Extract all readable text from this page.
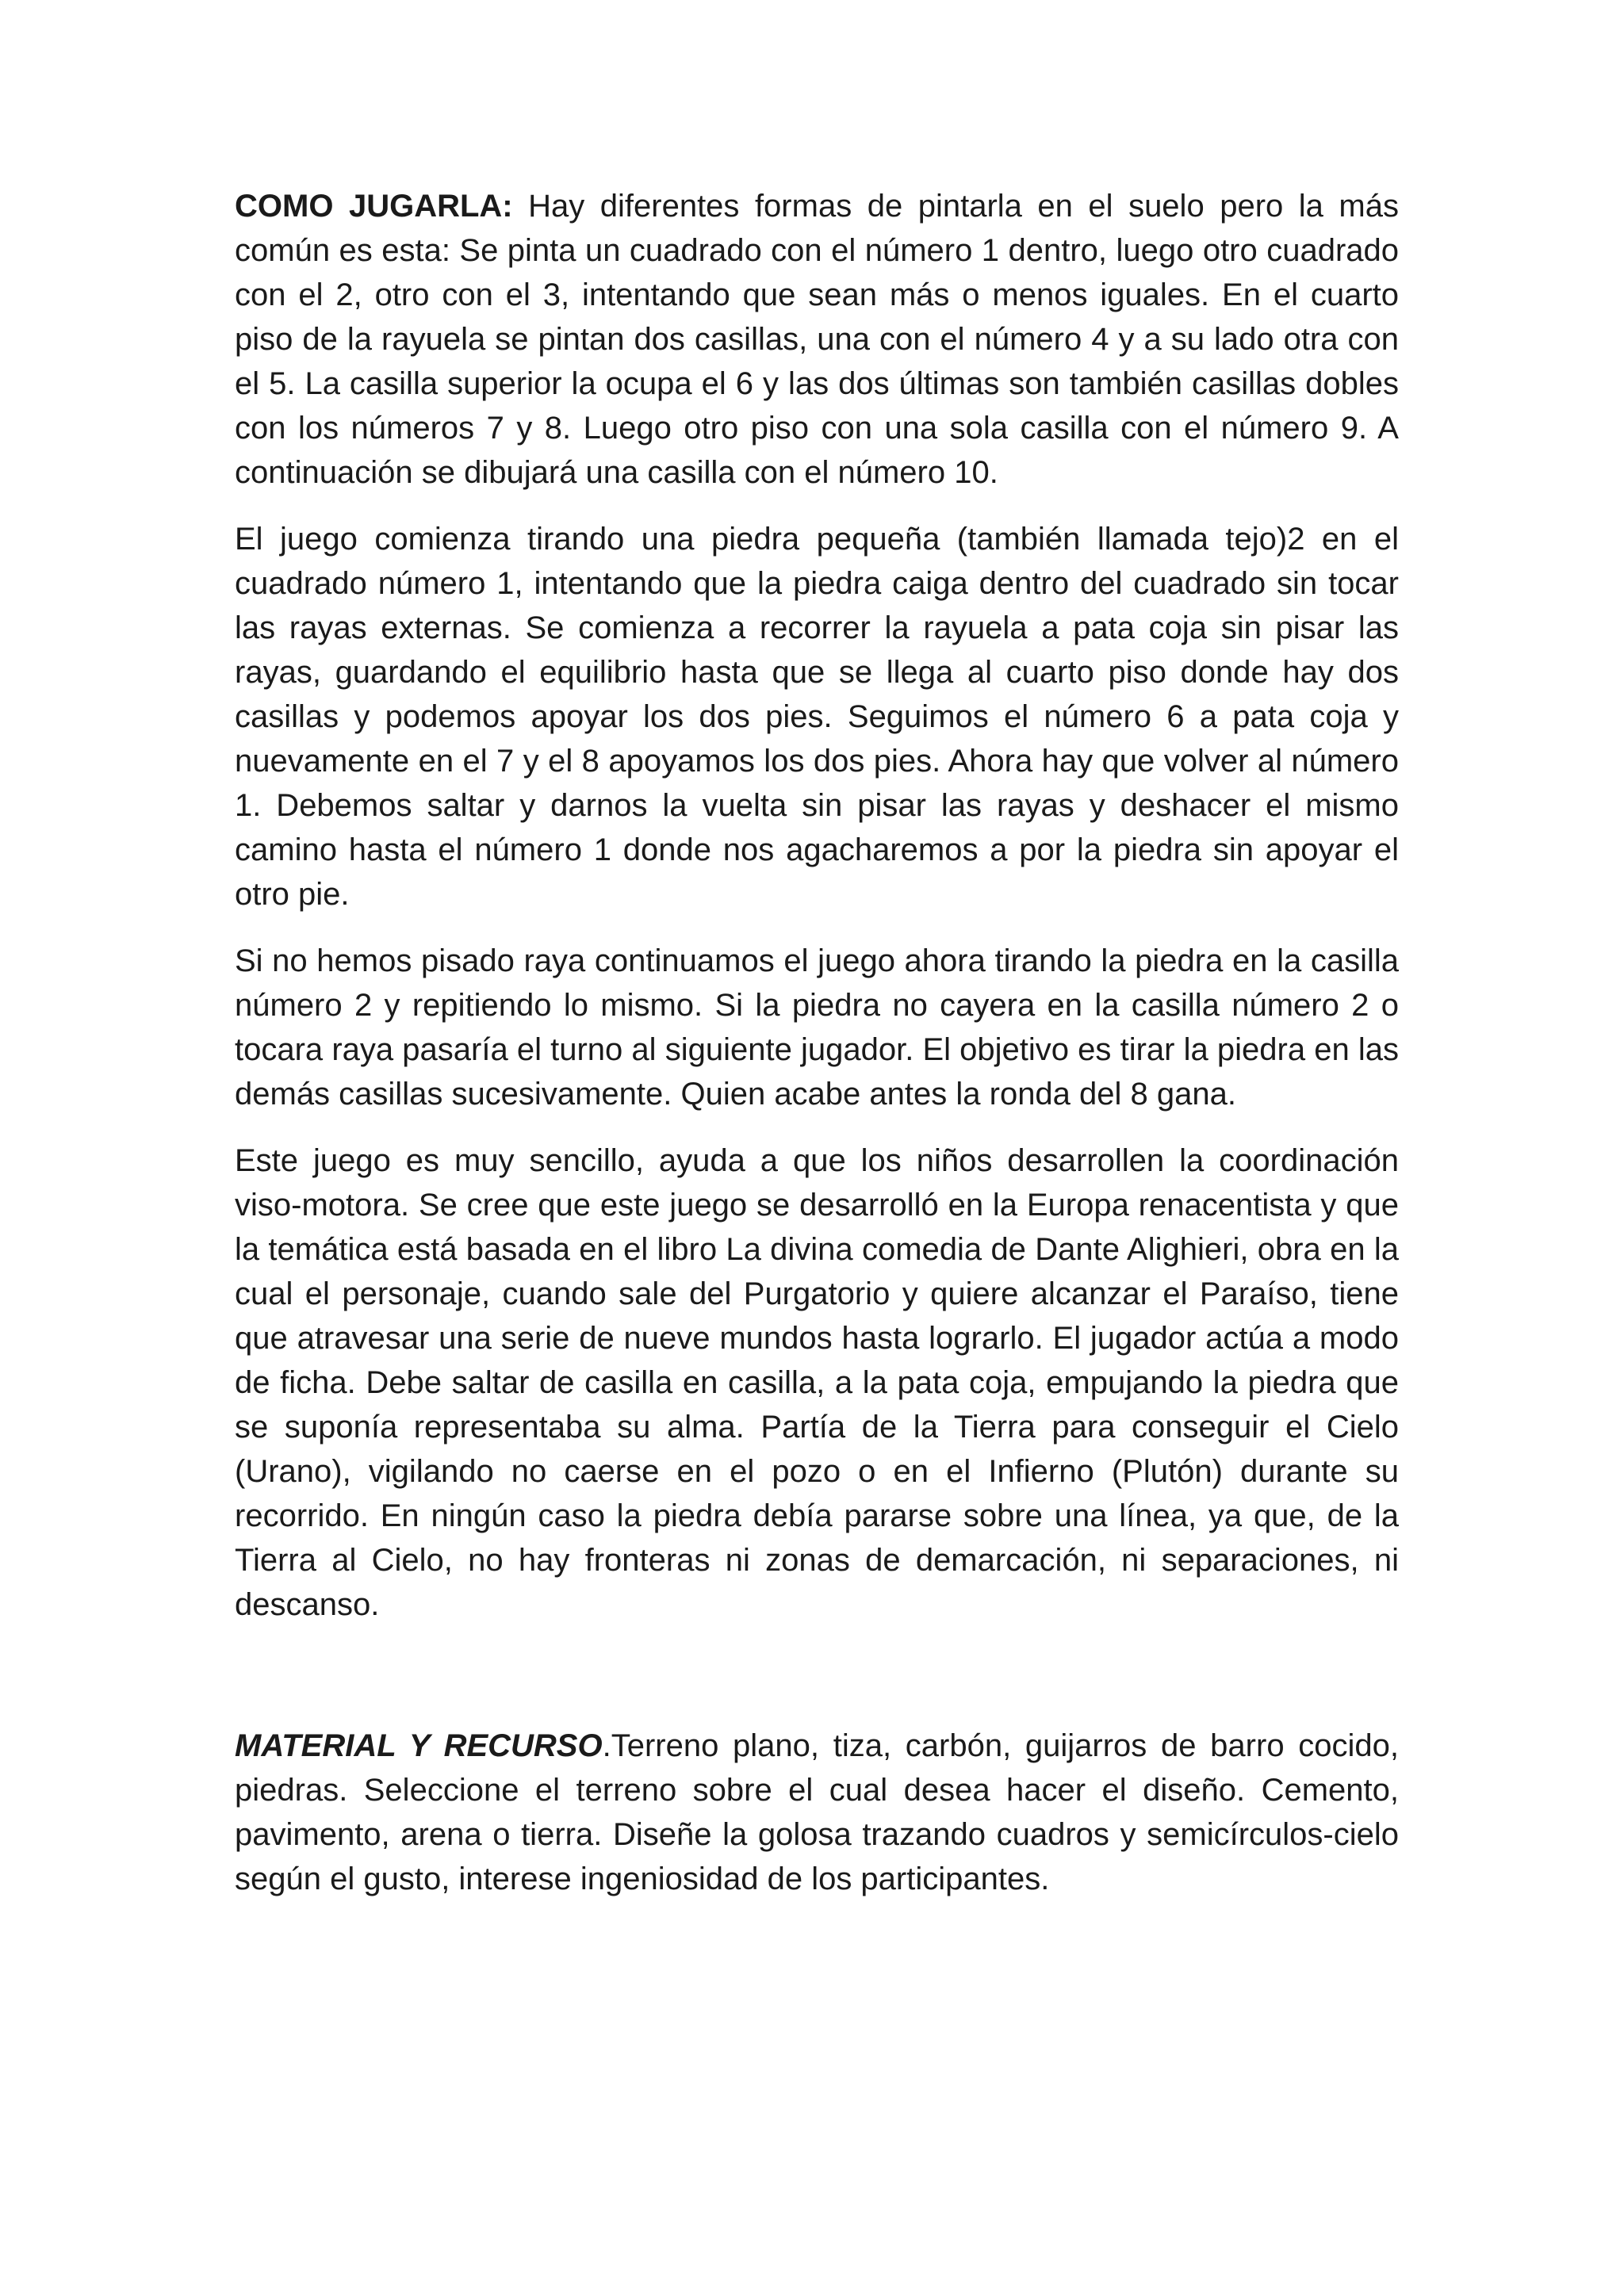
COMO JUGARLA: Hay diferentes formas de pintarla en el suelo pero la más común es esta: Se pinta un cuadrado con el número 1 dentro, luego otro cuadrado con el 2, otro con el 3, intentando que sean más o menos iguales. En el cuarto piso de la rayuela se pintan dos casillas, una con el número 4 y a su lado otra con el 5. La casilla superior la ocupa el 6 y las dos últimas son también casillas dobles con los números 7 y 8. Luego otro piso con una sola casilla con el número 9. A continuación se dibujará una casilla con el número 10.

El juego comienza tirando una piedra pequeña (también llamada tejo)2 en el cuadrado número 1, intentando que la piedra caiga dentro del cuadrado sin tocar las rayas externas. Se comienza a recorrer la rayuela a pata coja sin pisar las rayas, guardando el equilibrio hasta que se llega al cuarto piso donde hay dos casillas y podemos apoyar los dos pies. Seguimos el número 6 a pata coja y nuevamente en el 7 y el 8 apoyamos los dos pies. Ahora hay que volver al número 1. Debemos saltar y darnos la vuelta sin pisar las rayas y deshacer el mismo camino hasta el número 1 donde nos agacharemos a por la piedra sin apoyar el otro pie.

Si no hemos pisado raya continuamos el juego ahora tirando la piedra en la casilla número 2 y repitiendo lo mismo. Si la piedra no cayera en la casilla número 2 o tocara raya pasaría el turno al siguiente jugador. El objetivo es tirar la piedra en las demás casillas sucesivamente. Quien acabe antes la ronda del 8 gana.

Este juego es muy sencillo, ayuda a que los niños desarrollen la coordinación viso-motora. Se cree que este juego se desarrolló en la Europa renacentista y que la temática está basada en el libro La divina comedia de Dante Alighieri, obra en la cual el personaje, cuando sale del Purgatorio y quiere alcanzar el Paraíso, tiene que atravesar una serie de nueve mundos hasta lograrlo. El jugador actúa a modo de ficha. Debe saltar de casilla en casilla, a la pata coja, empujando la piedra que se suponía representaba su alma. Partía de la Tierra para conseguir el Cielo (Urano), vigilando no caerse en el pozo o en el Infierno (Plutón) durante su recorrido. En ningún caso la piedra debía pararse sobre una línea, ya que, de la Tierra al Cielo, no hay fronteras ni zonas de demarcación, ni separaciones, ni descanso.

MATERIAL Y RECURSO.Terreno plano, tiza, carbón, guijarros de barro cocido, piedras. Seleccione el terreno sobre el cual desea hacer el diseño. Cemento, pavimento, arena o tierra. Diseñe la golosa trazando cuadros y semicírculos-cielo según el gusto, interese ingeniosidad de los participantes.
